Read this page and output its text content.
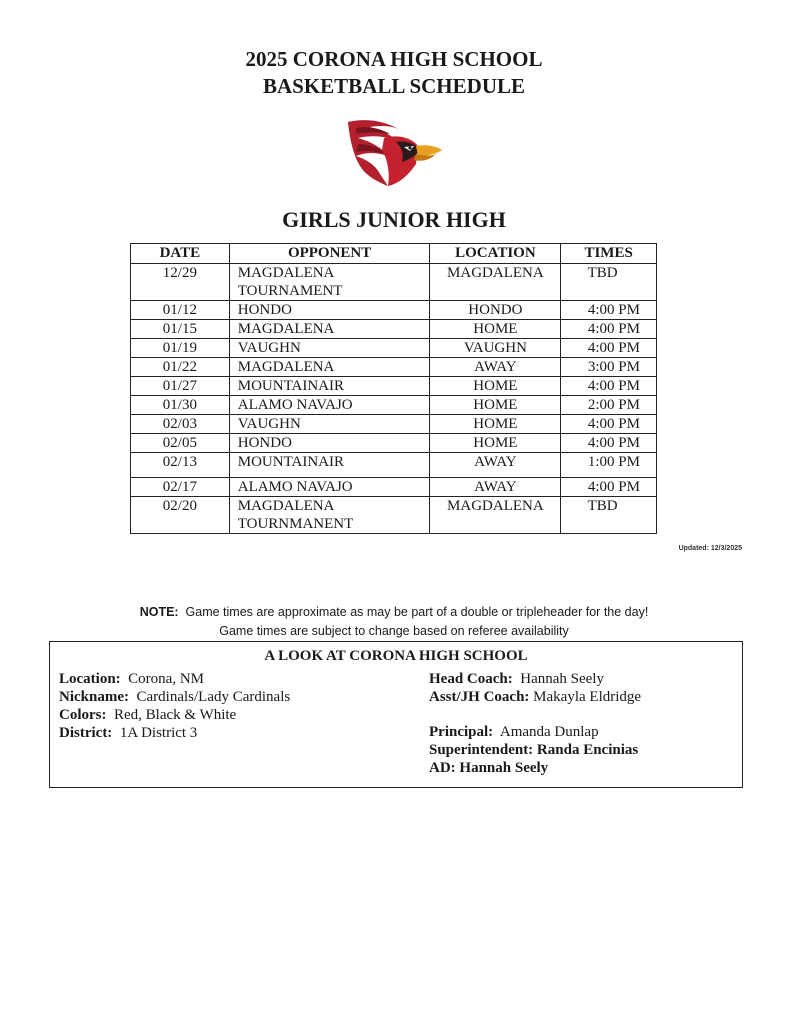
2025 CORONA HIGH SCHOOL
BASKETBALL SCHEDULE
GIRLS JUNIOR HIGH
DATE	OPPONENT	LOCATION	TIMES
12/29	MAGDALENA TOURNAMENT	MAGDALENA	TBD
01/12	HONDO	HONDO	4:00 PM
01/15	MAGDALENA	HOME	4:00 PM
01/19	VAUGHN	VAUGHN	4:00 PM
01/22	MAGDALENA	AWAY	3:00 PM
01/27	MOUNTAINAIR	HOME	4:00 PM
01/30	ALAMO NAVAJO	HOME	2:00 PM
02/03	VAUGHN	HOME	4:00 PM
02/05	HONDO	HOME	4:00 PM
02/13	MOUNTAINAIR	AWAY	1:00 PM
02/17	ALAMO NAVAJO	AWAY	4:00 PM
02/20	MAGDALENA TOURNMANENT	MAGDALENA	TBD
Updated: 12/3/2025
NOTE: Game times are approximate as may be part of a double or tripleheader for the day!
Game times are subject to change based on referee availability
A LOOK AT CORONA HIGH SCHOOL
Location: Corona, NM
Nickname: Cardinals/Lady Cardinals
Colors: Red, Black & White
District: 1A District 3
Head Coach: Hannah Seely
Asst/JH Coach: Makayla Eldridge
Principal: Amanda Dunlap
Superintendent: Randa Encinias
AD: Hannah Seely
